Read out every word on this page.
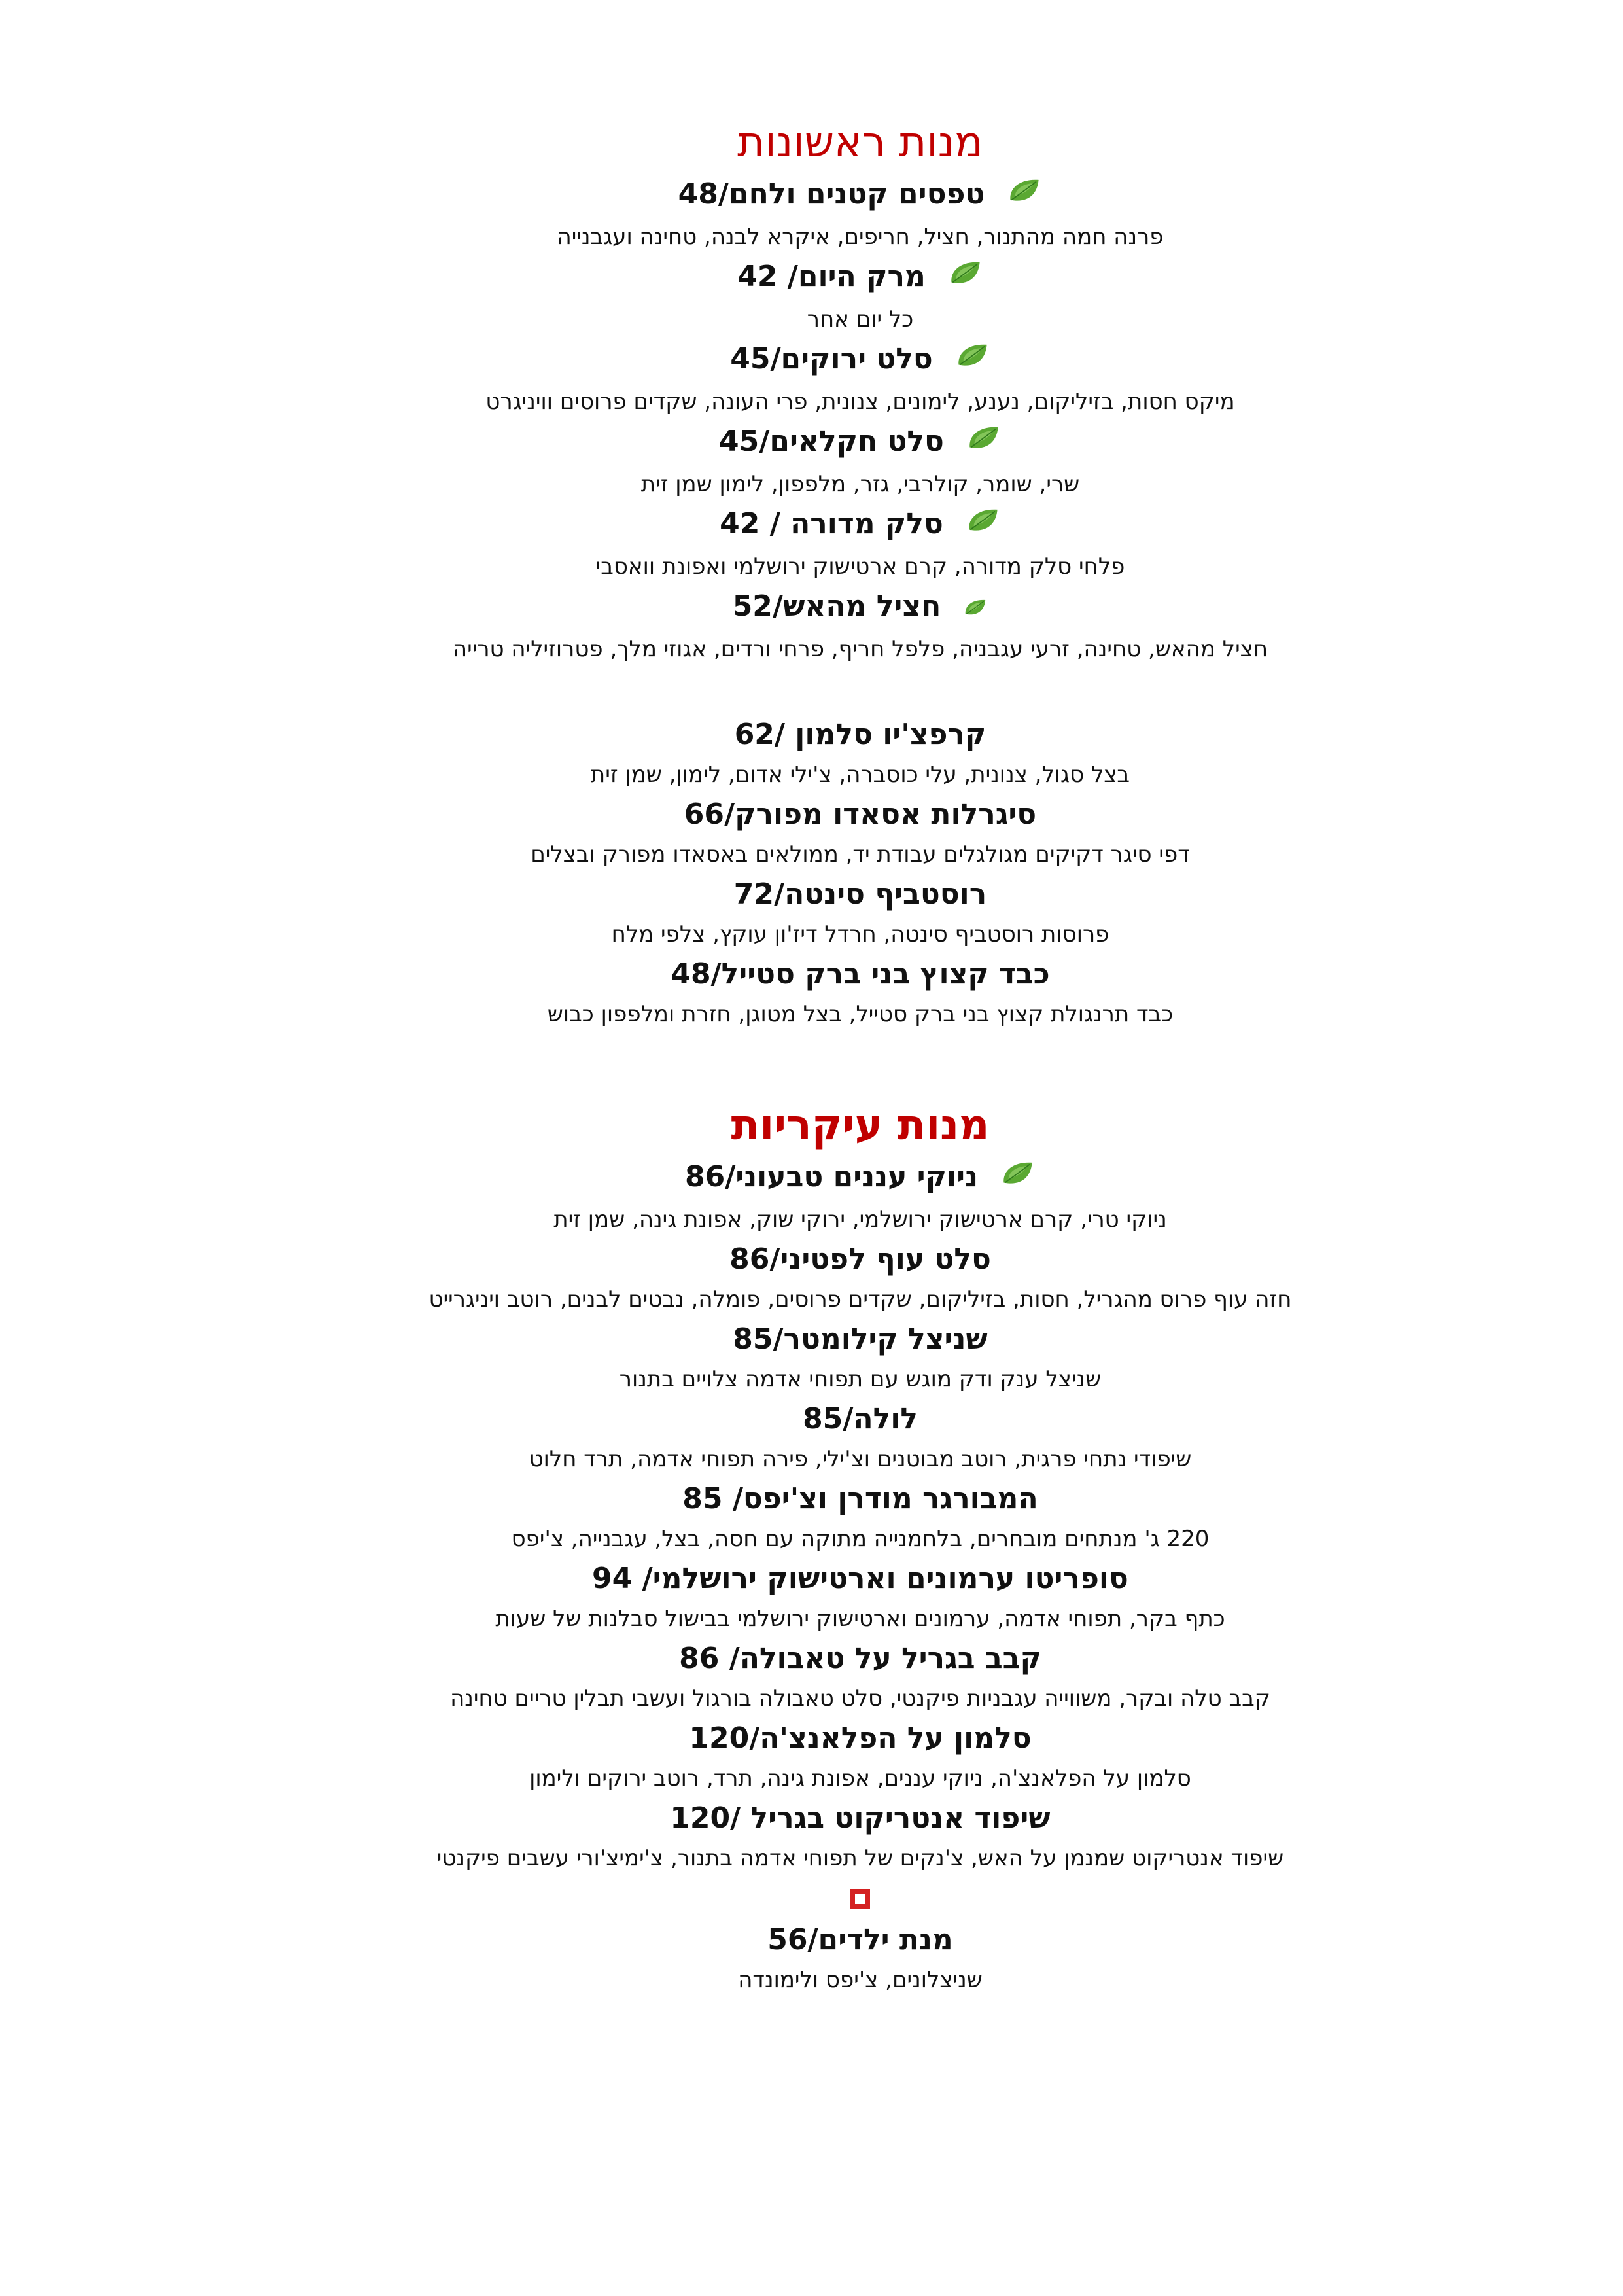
מנות ראשונות
טפסים קטנים ולחם/48
פרנה חמה מהתנור, חציל, חריפים, איקרא לבנה, טחינה ועגבנייה
מרק היום/ 42
כל יום אחר
סלט ירוקים/45
מיקס חסות, בזיליקום, נענע, לימונים, צנונית, פרי העונה, שקדים פרוסים וויניגרט
סלט חקלאים/45
שרי, שומר, קולרבי, גזר, מלפפון, לימון שמן זית
סלק מדורה / 42
פלחי סלק מדורה, קרם ארטישוק ירושלמי ואפונת וואסבי
חציל מהאש/52
חציל מהאש, טחינה, זרעי עגבניה, פלפל חריף, פרחי ורדים, אגוזי מלך, פטרוזיליה טרייה
קרפצ'יו סלמון /62
בצל סגול, צנונית, עלי כוסברה, צ'ילי אדום, לימון, שמן זית
סיגרלות אסאדו מפורק/66
דפי סיגר דקיקים מגולגלים עבודת יד, ממולאים באסאדו מפורק ובצלים
רוסטביף סינטה/72
פרוסות רוסטביף סינטה, חרדל דיז'ון עוקץ, צלפי מלח
כבד קצוץ בני ברק סטייל/48
כבד תרנגולת קצוץ בני ברק סטייל, בצל מטוגן, חזרת ומלפפון כבוש
מנות עיקריות
ניוקי עננים טבעוני/86
ניוקי טרי, קרם ארטישוק ירושלמי, ירוקי שוק, אפונת גינה, שמן זית
סלט עוף לפטיני/86
חזה עוף פרוס מהגריל, חסות, בזיליקום, שקדים פרוסים, פומלה, נבטים לבנים, רוטב ויניגרייט
שניצל קילומטר/85
שניצל ענק ודק מוגש עם תפוחי אדמה צלויים בתנור
לולה/85
שיפודי נתחי פרגית, רוטב מבוטנים וצ'ילי, פירה תפוחי אדמה, תרד חלוט
המבורגר מודרן וצ'יפס/ 85
220 ג' מנתחים מובחרים, בלחמנייה מתוקה עם חסה, בצל, עגבנייה, צ'יפס
סופריטו ערמונים וארטישוק ירושלמי/ 94
כתף בקר, תפוחי אדמה, ערמונים וארטישוק ירושלמי בבישול סבלנות של שעות
קבב בגריל על טאבולה/ 86
קבב טלה ובקר, משווייה עגבניות פיקנטי, סלט טאבולה בורגול ועשבי תבלין טריים טחינה
סלמון על הפלאנצ'ה/120
סלמון על הפלאנצ'ה, ניוקי עננים, אפונת גינה, תרד, רוטב ירוקים ולימון
שיפוד אנטריקוט בגריל /120
שיפוד אנטריקוט שמנמן על האש, צ'נקים של תפוחי אדמה בתנור, צ'ימיצ'ורי עשבים פיקנטי
מנת ילדים/56
שניצלונים, צ'יפס ולימונדה
